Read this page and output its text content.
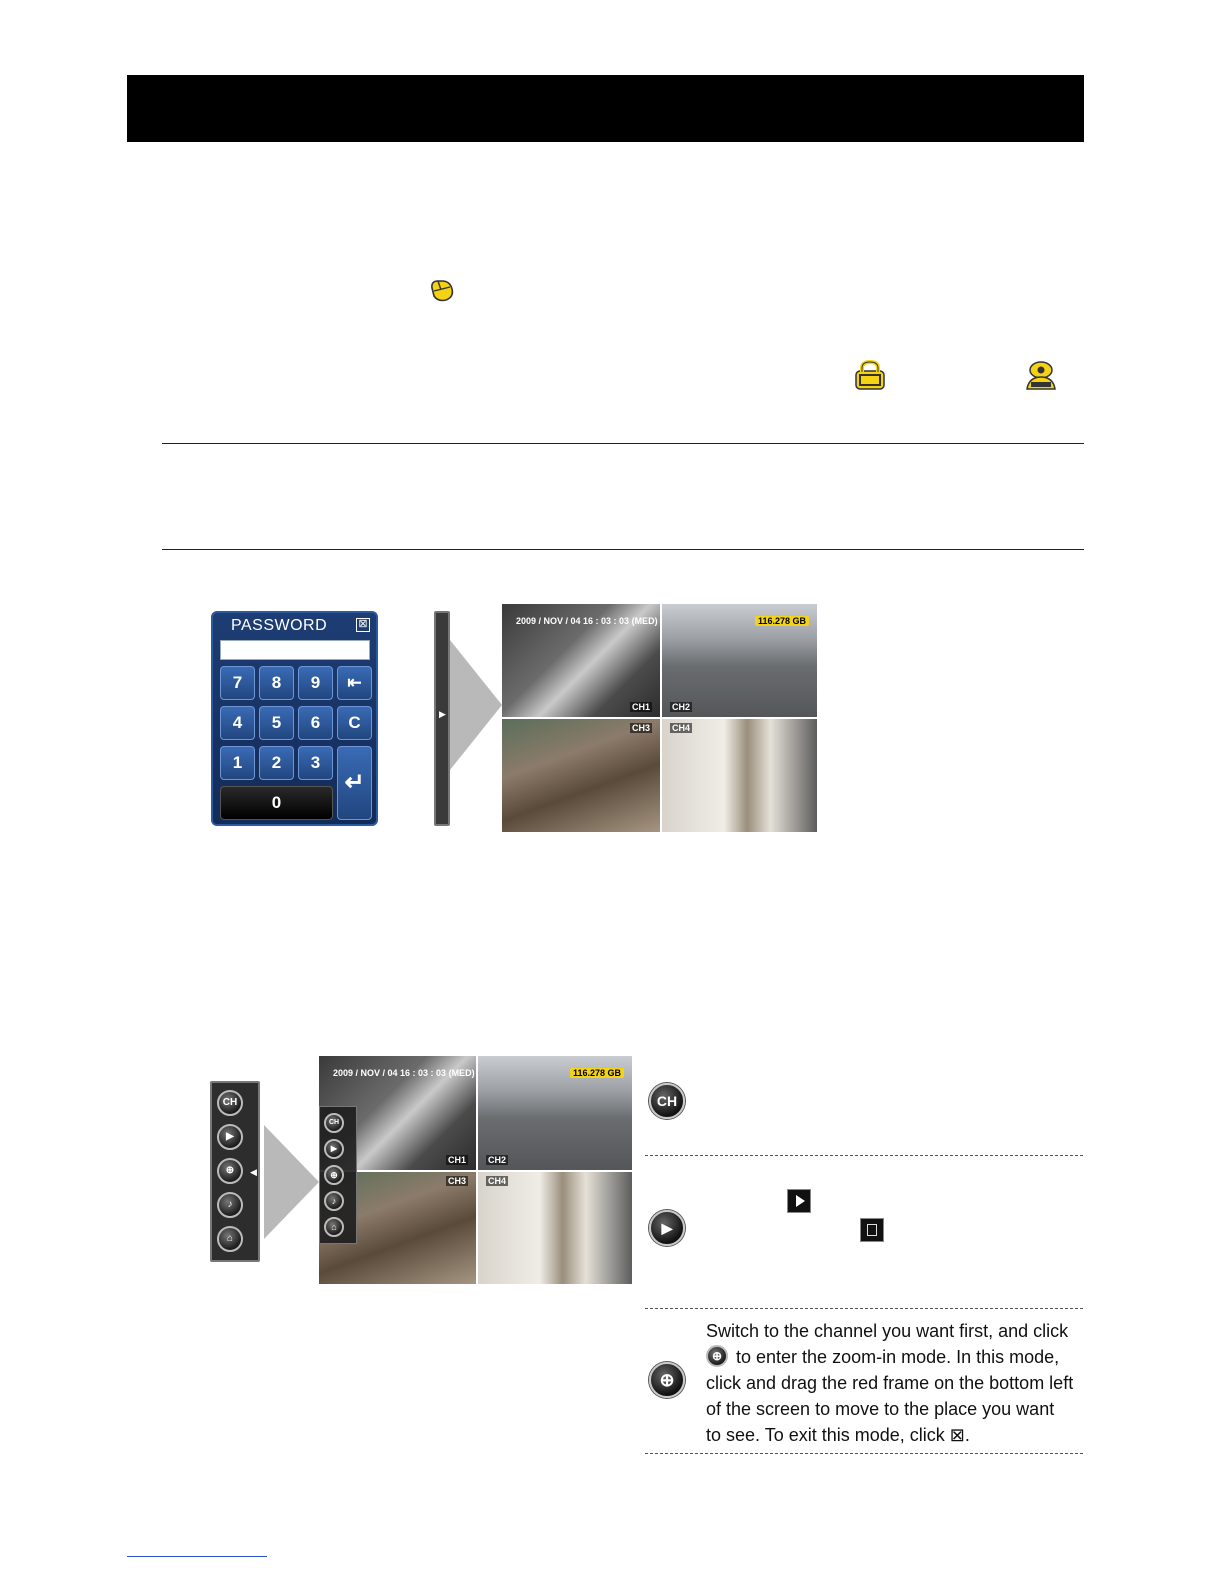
PASSWORD	⊠
7	8	9	⇤
4	5	6	C
1	2	3
↵
0
▶
2009 / NOV / 04 16 : 03 : 03 (MED)
CH1
116.278 GB
CH2
CH3 CH4
CH
▶
⊕
♪
⌂
◀
2009 / NOV / 04 16 : 03 : 03 (MED)
CH1
116.278 GB
CH2
CH3 CH4
CH
▶
⊕
♪
⌂
CH
▶
⊕
Switch to the channel you want first, and click
⊕ to enter the zoom-in mode. In this mode,
click and drag the red frame on the bottom left
of the screen to move to the place you want
to see. To exit this mode, click ⊠.
